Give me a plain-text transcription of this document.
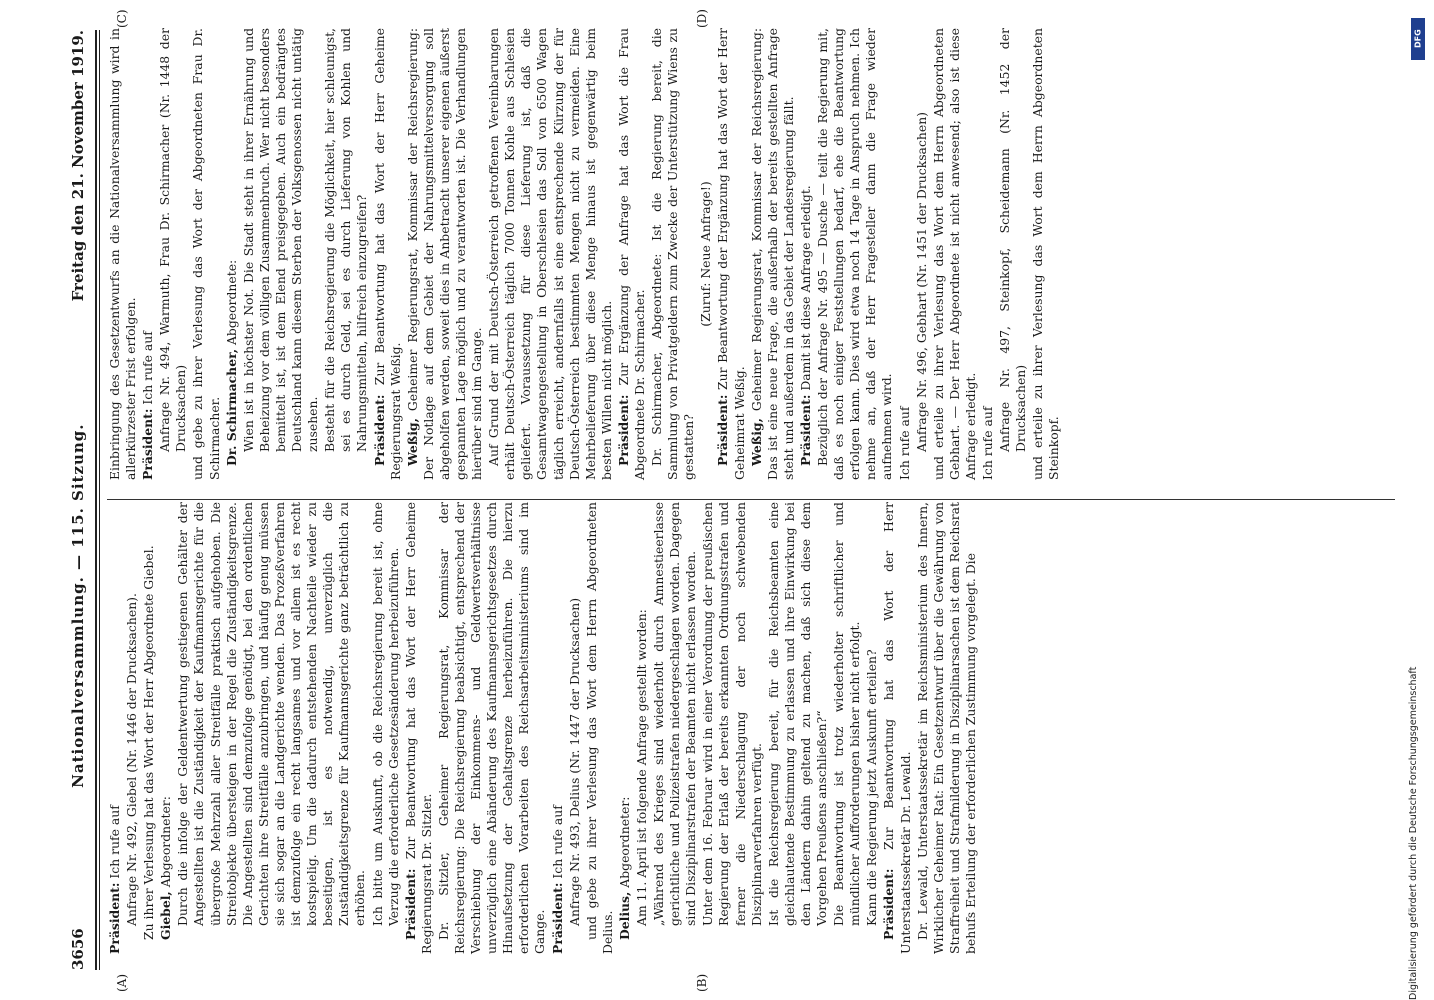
3656
Nationalversammlung. — 115. Sitzung.
Freitag den 21. November 1919.
(A)	(B)
(C)	(D)

Präsident: Ich rufe auf Anfrage Nr. 492, Giebel (Nr. 1446 der Drucksachen). Zu ihrer Verlesung hat das Wort der Herr Abgeordnete Giebel. Giebel, Abgeordneter: Durch die infolge der Geldentwertung gestiegenen Gehälter der Angestellten ist die Zuständigkeit der Kaufmannsgerichte für die übergroße Mehrzahl aller Streitfälle praktisch aufgehoben. Die Streitobjekte übersteigen in der Regel die Zuständigkeitsgrenze. Die Angestellten sind demzufolge genötigt, bei den ordentlichen Gerichten ihre Streitfälle anzubringen, und häufig genug müssen sie sich sogar an die Landgerichte wenden. Das Prozeßverfahren ist demzufolge ein recht langsames und vor allem ist es recht kostspielig. Um die dadurch entstehenden Nachteile wieder zu beseitigen, ist es notwendig, unverzüglich die Zuständigkeitsgrenze für Kaufmannsgerichte ganz beträchtlich zu erhöhen. Ich bitte um Auskunft, ob die Reichsregierung bereit ist, ohne Verzug die erforderliche Gesetzesänderung herbeizuführen. Präsident: Zur Beantwortung hat das Wort der Herr Geheime Regierungsrat Dr. Sitzler. Dr. Sitzler, Geheimer Regierungsrat, Kommissar der Reichsregierung: Die Reichsregierung beabsichtigt, entsprechend der Verschiebung der Einkommens- und Geldwertsverhältnisse unverzüglich eine Abänderung des Kaufmannsgerichtsgesetzes durch Hinaufsetzung der Gehaltsgrenze herbeizuführen. Die hierzu erforderlichen Vorarbeiten des Reichsarbeitsministeriums sind im Gange. Präsident: Ich rufe auf Anfrage Nr. 493, Delius (Nr. 1447 der Drucksachen) und gebe zu ihrer Verlesung das Wort dem Herrn Abgeordneten Delius. Delius, Abgeordneter: Am 11. April ist folgende Anfrage gestellt worden: „Während des Krieges sind wiederholt durch Amnestieerlasse gerichtliche und Polizeistrafen niedergeschlagen worden. Dagegen sind Disziplinarstrafen der Beamten nicht erlassen worden. Unter dem 16. Februar wird in einer Verordnung der preußischen Regierung der Erlaß der bereits erkannten Ordnungsstrafen und ferner die Niederschlagung der noch schwebenden Disziplinarverfahren verfügt. Ist die Reichsregierung bereit, für die Reichsbeamten eine gleichlautende Bestimmung zu erlassen und ihre Einwirkung bei den Ländern dahin geltend zu machen, daß sich diese dem Vorgehen Preußens anschließen?“ Die Beantwortung ist trotz wiederholter schriftlicher und mündlicher Aufforderungen bisher nicht erfolgt. Kann die Regierung jetzt Auskunft erteilen? Präsident: Zur Beantwortung hat das Wort der Herr Unterstaatssekretär Dr. Lewald. Dr. Lewald, Unterstaatssekretär im Reichsministerium des Innern, Wirklicher Geheimer Rat: Ein Gesetzentwurf über die Gewährung von Straffreiheit und Strafmilderung in Disziplinarsachen ist dem Reichsrat behufs Erteilung der erforderlichen Zustimmung vorgelegt. Die

Einbringung des Gesetzentwurfs an die Nationalversammlung wird in allerkürzester Frist erfolgen. Präsident: Ich rufe auf Anfrage Nr. 494, Warmuth, Frau Dr. Schirmacher (Nr. 1448 der Drucksachen) und gebe zu ihrer Verlesung das Wort der Abgeordneten Frau Dr. Schirmacher. Dr. Schirmacher, Abgeordnete: Wien ist in höchster Not. Die Stadt steht in ihrer Ernährung und Beheizung vor dem völligen Zusammenbruch. Wer nicht besonders bemittelt ist, ist dem Elend preisgegeben. Auch ein bedrängtes Deutschland kann diesem Sterben der Volksgenossen nicht untätig zusehen. Besteht für die Reichsregierung die Möglichkeit, hier schleunigst, sei es durch Geld, sei es durch Lieferung von Kohlen und Nahrungsmitteln, hilfreich einzugreifen? Präsident: Zur Beantwortung hat das Wort der Herr Geheime Regierungsrat Weßig. Weßig, Geheimer Regierungsrat, Kommissar der Reichsregierung: Der Notlage auf dem Gebiet der Nahrungsmittelversorgung soll abgeholfen werden, soweit dies in Anbetracht unserer eigenen äußerst gespannten Lage möglich und zu verantworten ist. Die Verhandlungen hierüber sind im Gange. Auf Grund der mit Deutsch-Österreich getroffenen Vereinbarungen erhält Deutsch-Österreich täglich 7000 Tonnen Kohle aus Schlesien geliefert. Voraussetzung für diese Lieferung ist, daß die Gesamtwagengestellung in Oberschlesien das Soll von 6500 Wagen täglich erreicht, andernfalls ist eine entsprechende Kürzung der für Deutsch-Österreich bestimmten Mengen nicht zu vermeiden. Eine Mehrbelieferung über diese Menge hinaus ist gegenwärtig beim besten Willen nicht möglich. Präsident: Zur Ergänzung der Anfrage hat das Wort die Frau Abgeordnete Dr. Schirmacher. Dr. Schirmacher, Abgeordnete: Ist die Regierung bereit, die Sammlung von Privatgeldern zum Zwecke der Unterstützung Wiens zu gestatten?

(Zuruf: Neue Anfrage!)

Präsident: Zur Beantwortung der Ergänzung hat das Wort der Herr Geheimrat Weßig. Weßig, Geheimer Regierungsrat, Kommissar der Reichsregierung: Das ist eine neue Frage, die außerhalb der bereits gestellten Anfrage steht und außerdem in das Gebiet der Landesregierung fällt. Präsident: Damit ist diese Anfrage erledigt. Bezüglich der Anfrage Nr. 495 — Dusche — teilt die Regierung mit, daß es noch einiger Feststellungen bedarf, ehe die Beantwortung erfolgen kann. Dies wird etwa noch 14 Tage in Anspruch nehmen. Ich nehme an, daß der Herr Fragesteller dann die Frage wieder aufnehmen wird. Ich rufe auf Anfrage Nr. 496, Gebhart (Nr. 1451 der Drucksachen) und erteile zu ihrer Verlesung das Wort dem Herrn Abgeordneten Gebhart. — Der Herr Abgeordnete ist nicht anwesend; also ist diese Anfrage erledigt. Ich rufe auf Anfrage Nr. 497, Steinkopf, Scheidemann (Nr. 1452 der Drucksachen) und erteile zu ihrer Verlesung das Wort dem Herrn Abgeordneten Steinkopf.

DFG
Digitalisierung gefördert durch die Deutsche Forschungsgemeinschaft
